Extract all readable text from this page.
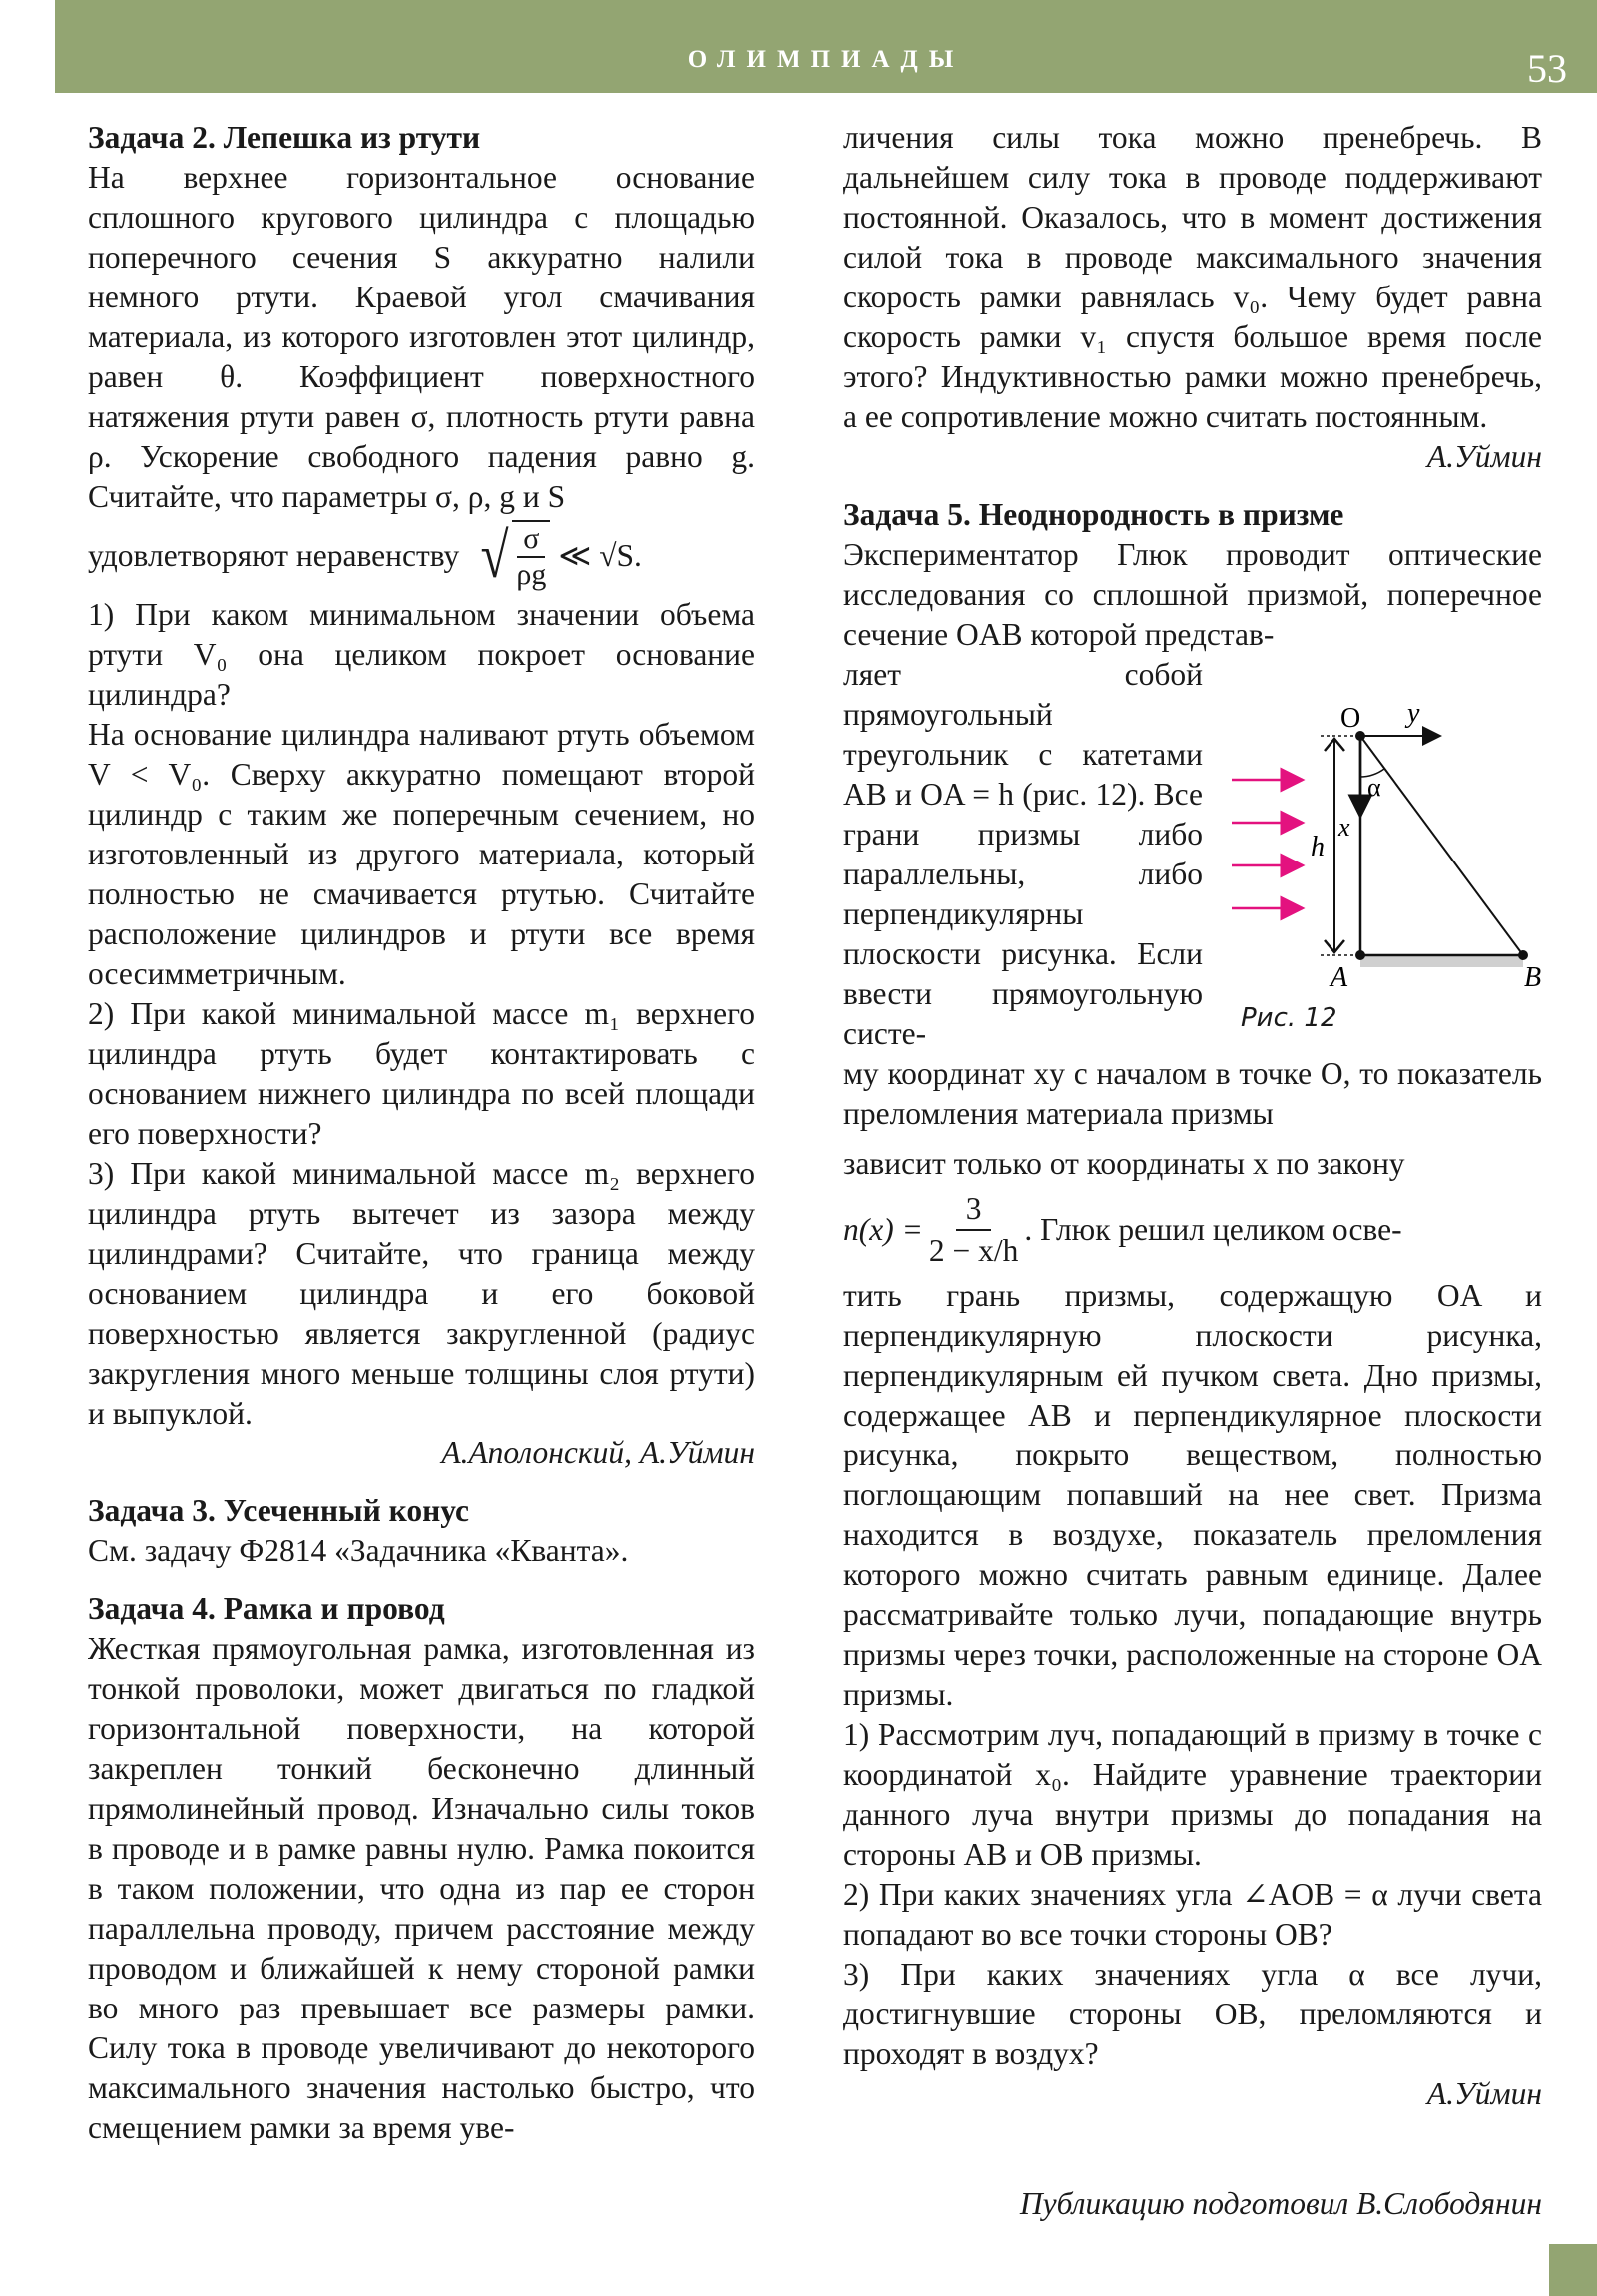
ОЛИМПИАДЫ	53
Задача 2. Лепешка из ртути

На верхнее горизонтальное основание сплошного кругового цилиндра с площадью поперечного сечения S аккуратно налили немного ртути. Краевой угол смачивания материала, из которого изготовлен этот цилиндр, равен θ. Коэффициент поверхностного натяжения ртути равен σ, плотность ртути равна ρ. Ускорение свободного падения равно g. Считайте, что параметры σ, ρ, g и S

удовлетворяют неравенству √ $\frac{\sigma}{\rho g}$ ≪ √S.

1) При каком минимальном значении объема ртути V₀ она целиком покроет основание цилиндра?

На основание цилиндра наливают ртуть объемом V < V₀. Сверху аккуратно помещают второй цилиндр с таким же поперечным сечением, но изготовленный из другого материала, который полностью не смачивается ртутью. Считайте расположение цилиндров и ртути все время осесимметричным.

2) При какой минимальной массе m₁ верхнего цилиндра ртуть будет контактировать с основанием нижнего цилиндра по всей площади его поверхности?

3) При какой минимальной массе m₂ верхнего цилиндра ртуть вытечет из зазора между цилиндрами? Считайте, что граница между основанием цилиндра и его боковой поверхностью является закругленной (радиус закругления много меньше толщины слоя ртути) и выпуклой.

А.Аполонский, А.Уймин

Задача 3. Усеченный конус

См. задачу Ф2814 «Задачника «Кванта».

Задача 4. Рамка и провод

Жесткая прямоугольная рамка, изготовленная из тонкой проволоки, может двигаться по гладкой горизонтальной поверхности, на которой закреплен тонкий бесконечно длинный прямолинейный провод. Изначально силы токов в проводе и в рамке равны нулю. Рамка покоится в таком положении, что одна из пар ее сторон параллельна проводу, причем расстояние между проводом и ближайшей к нему стороной рамки во много раз превышает все размеры рамки. Силу тока в проводе увеличивают до некоторого максимального значения настолько быстро, что смещением рамки за время уве-

личения силы тока можно пренебречь. В дальнейшем силу тока в проводе поддерживают постоянной. Оказалось, что в момент достижения силой тока в проводе максимального значения скорость рамки равнялась v₀. Чему будет равна скорость рамки v₁ спустя большое время после этого? Индуктивностью рамки можно пренебречь, а ее сопротивление можно считать постоянным.

А.Уймин

Задача 5. Неоднородность в призме

Экспериментатор Глюк проводит оптические исследования со сплошной призмой, поперечное сечение OAB которой представ-

ляет собой прямоугольный треугольник с катетами AB и OA = h (рис. 12). Все грани призмы либо параллельны, либо перпендикулярны плоскости рисунка. Если ввести прямоугольную систе-

му координат xy с началом в точке O, то показатель преломления материала призмы

зависит только от координаты x по закону

$n(x) = \frac{3}{2 - x/h}$ . Глюк решил целиком осве-

тить грань призмы, содержащую OA и перпендикулярную плоскости рисунка, перпендикулярным ей пучком света. Дно призмы, содержащее AB и перпендикулярное плоскости рисунка, покрыто веществом, полностью поглощающим попавший на нее свет. Призма находится в воздухе, показатель преломления которого можно считать равным единице. Далее рассматривайте только лучи, попадающие внутрь призмы через точки, расположенные на стороне OA призмы.

1) Рассмотрим луч, попадающий в призму в точке с координатой x₀. Найдите уравнение траектории данного луча внутри призмы до попадания на стороны AB и OB призмы.

2) При каких значениях угла ∠AOB = α лучи света попадают во все точки стороны OB?

3) При каких значениях угла α все лучи, достигнувшие стороны OB, преломляются и проходят в воздух?

А.Уймин

O y
α
x
h
A	B
Рис. 12
Публикацию подготовил В.Слободянин
